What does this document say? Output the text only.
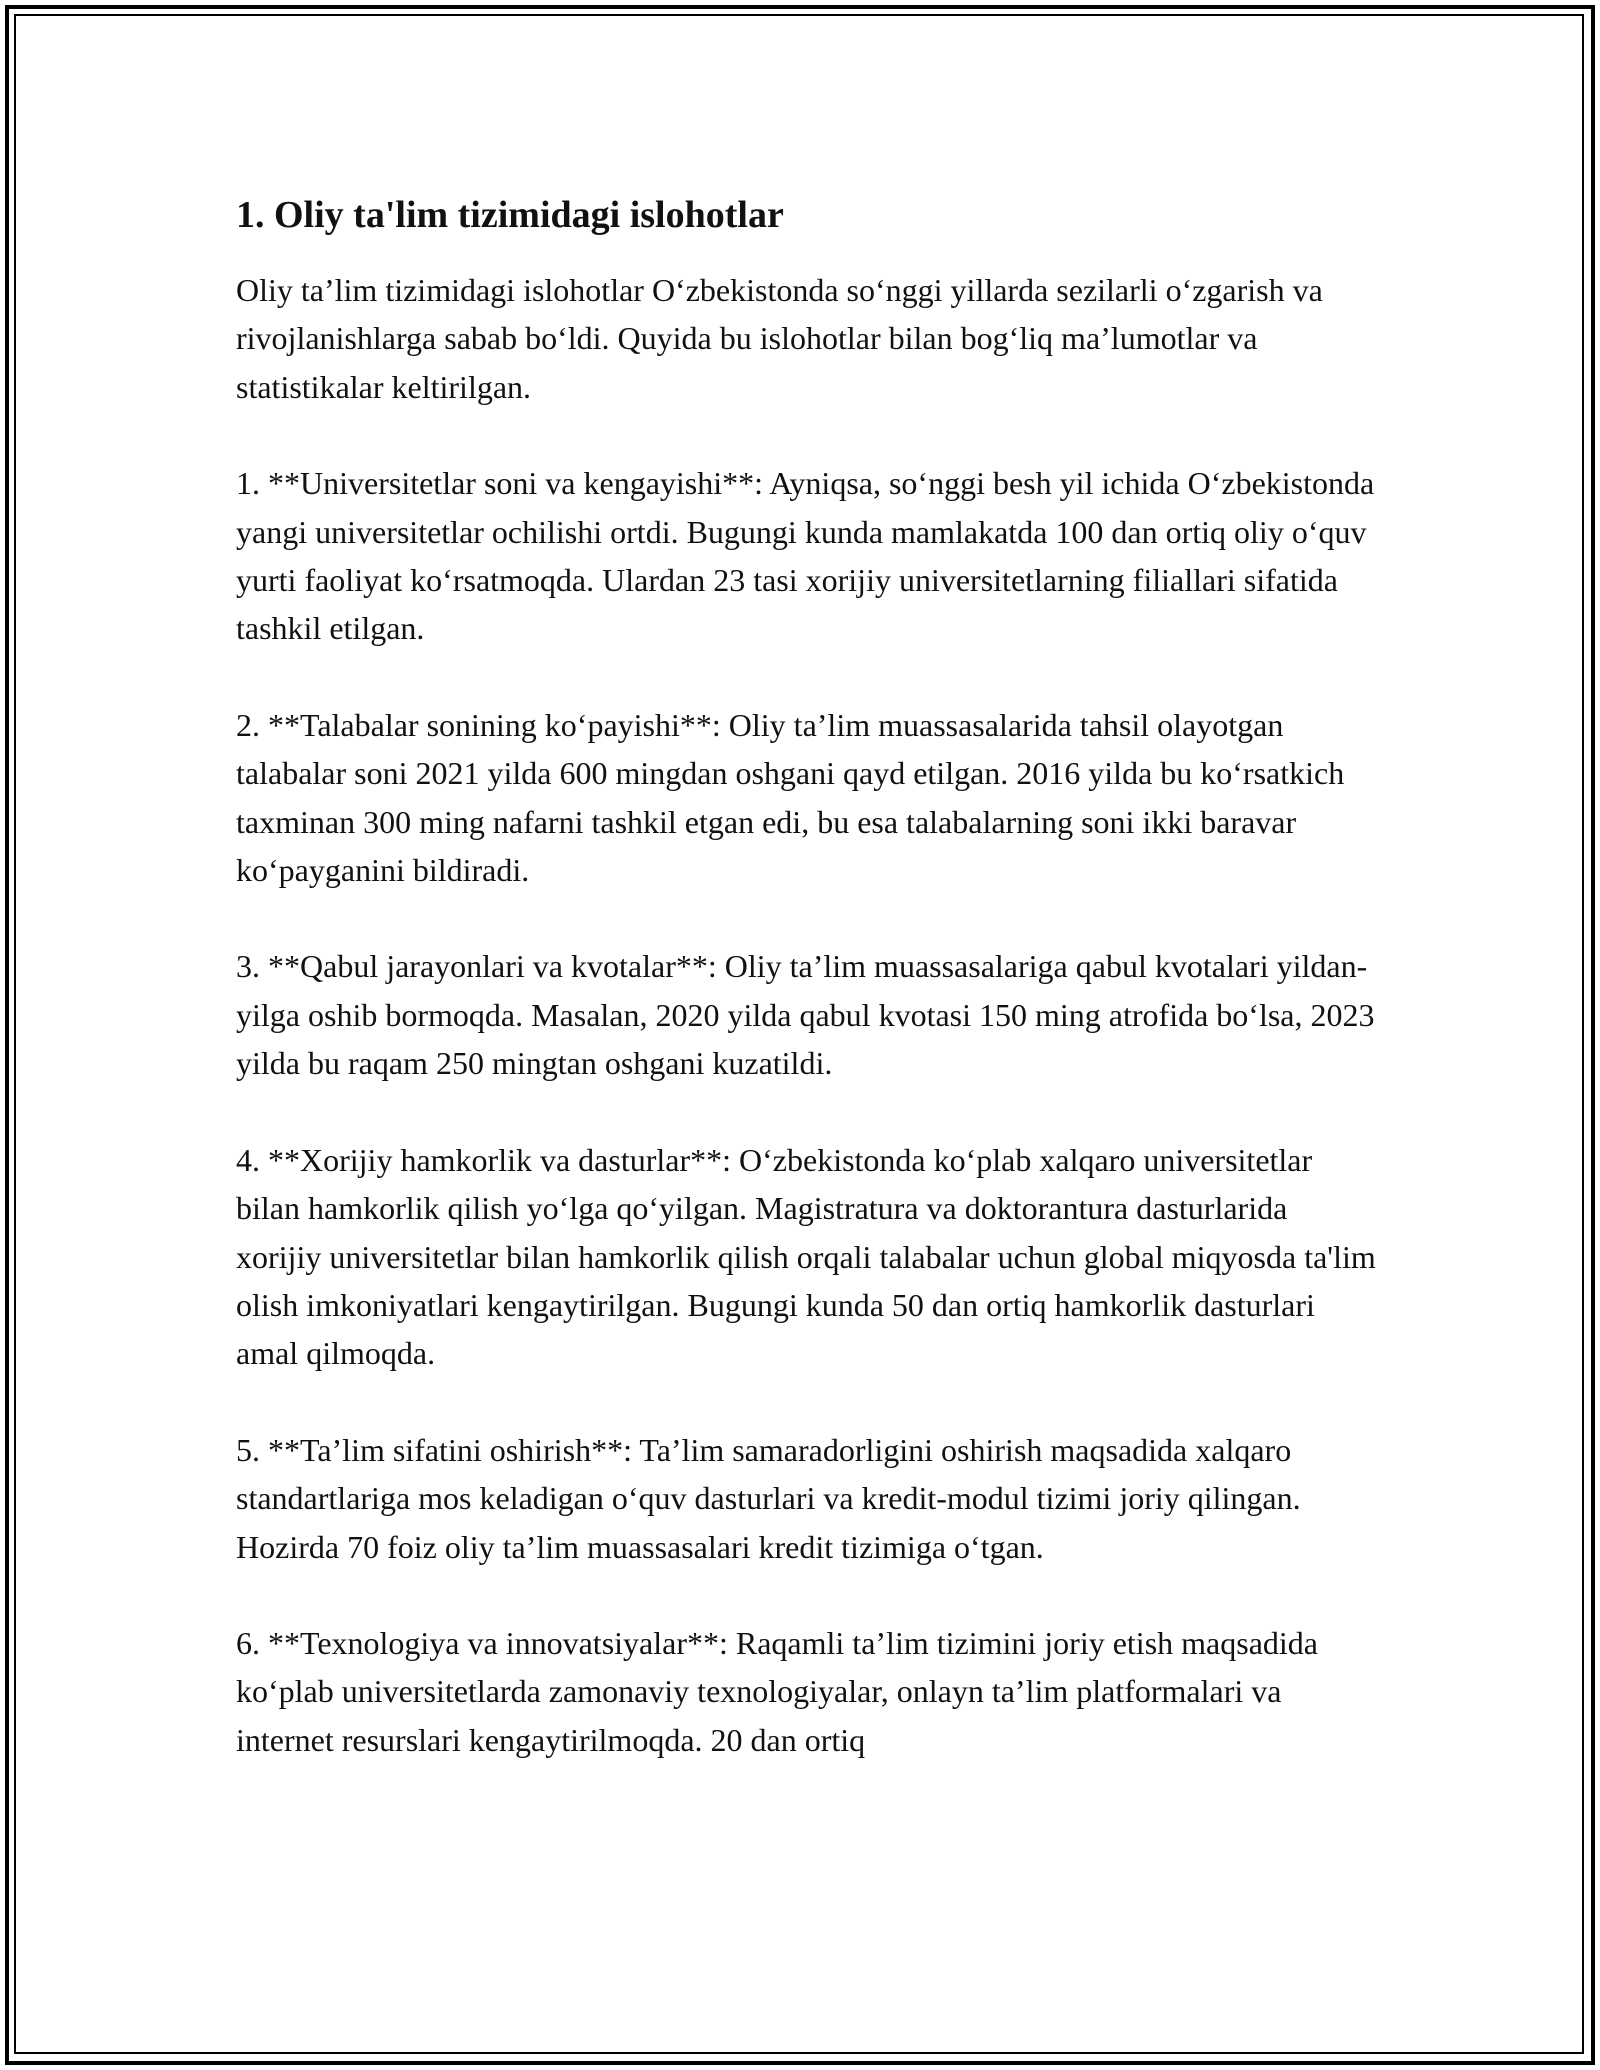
1. Oliy ta'lim tizimidagi islohotlar

Oliy ta’lim tizimidagi islohotlar O‘zbekistonda so‘nggi yillarda sezilarli o‘zgarish va rivojlanishlarga sabab bo‘ldi. Quyida bu islohotlar bilan bog‘liq ma’lumotlar va statistikalar keltirilgan.

1. **Universitetlar soni va kengayishi**: Ayniqsa, so‘nggi besh yil ichida O‘zbekistonda yangi universitetlar ochilishi ortdi. Bugungi kunda mamlakatda 100 dan ortiq oliy o‘quv yurti faoliyat ko‘rsatmoqda. Ulardan 23 tasi xorijiy universitetlarning filiallari sifatida tashkil etilgan.

2. **Talabalar sonining ko‘payishi**: Oliy ta’lim muassasalarida tahsil olayotgan talabalar soni 2021 yilda 600 mingdan oshgani qayd etilgan. 2016 yilda bu ko‘rsatkich taxminan 300 ming nafarni tashkil etgan edi, bu esa talabalarning soni ikki baravar ko‘payganini bildiradi.

3. **Qabul jarayonlari va kvotalar**: Oliy ta’lim muassasalariga qabul kvotalari yildan-yilga oshib bormoqda. Masalan, 2020 yilda qabul kvotasi 150 ming atrofida bo‘lsa, 2023 yilda bu raqam 250 mingtan oshgani kuzatildi.

4. **Xorijiy hamkorlik va dasturlar**: O‘zbekistonda ko‘plab xalqaro universitetlar bilan hamkorlik qilish yo‘lga qo‘yilgan. Magistratura va doktorantura dasturlarida xorijiy universitetlar bilan hamkorlik qilish orqali talabalar uchun global miqyosda ta'lim olish imkoniyatlari kengaytirilgan. Bugungi kunda 50 dan ortiq hamkorlik dasturlari amal qilmoqda.

5. **Ta’lim sifatini oshirish**: Ta’lim samaradorligini oshirish maqsadida xalqaro standartlariga mos keladigan o‘quv dasturlari va kredit-modul tizimi joriy qilingan. Hozirda 70 foiz oliy ta’lim muassasalari kredit tizimiga o‘tgan.

6. **Texnologiya va innovatsiyalar**: Raqamli ta’lim tizimini joriy etish maqsadida ko‘plab universitetlarda zamonaviy texnologiyalar, onlayn ta’lim platformalari va internet resurslari kengaytirilmoqda. 20 dan ortiq
